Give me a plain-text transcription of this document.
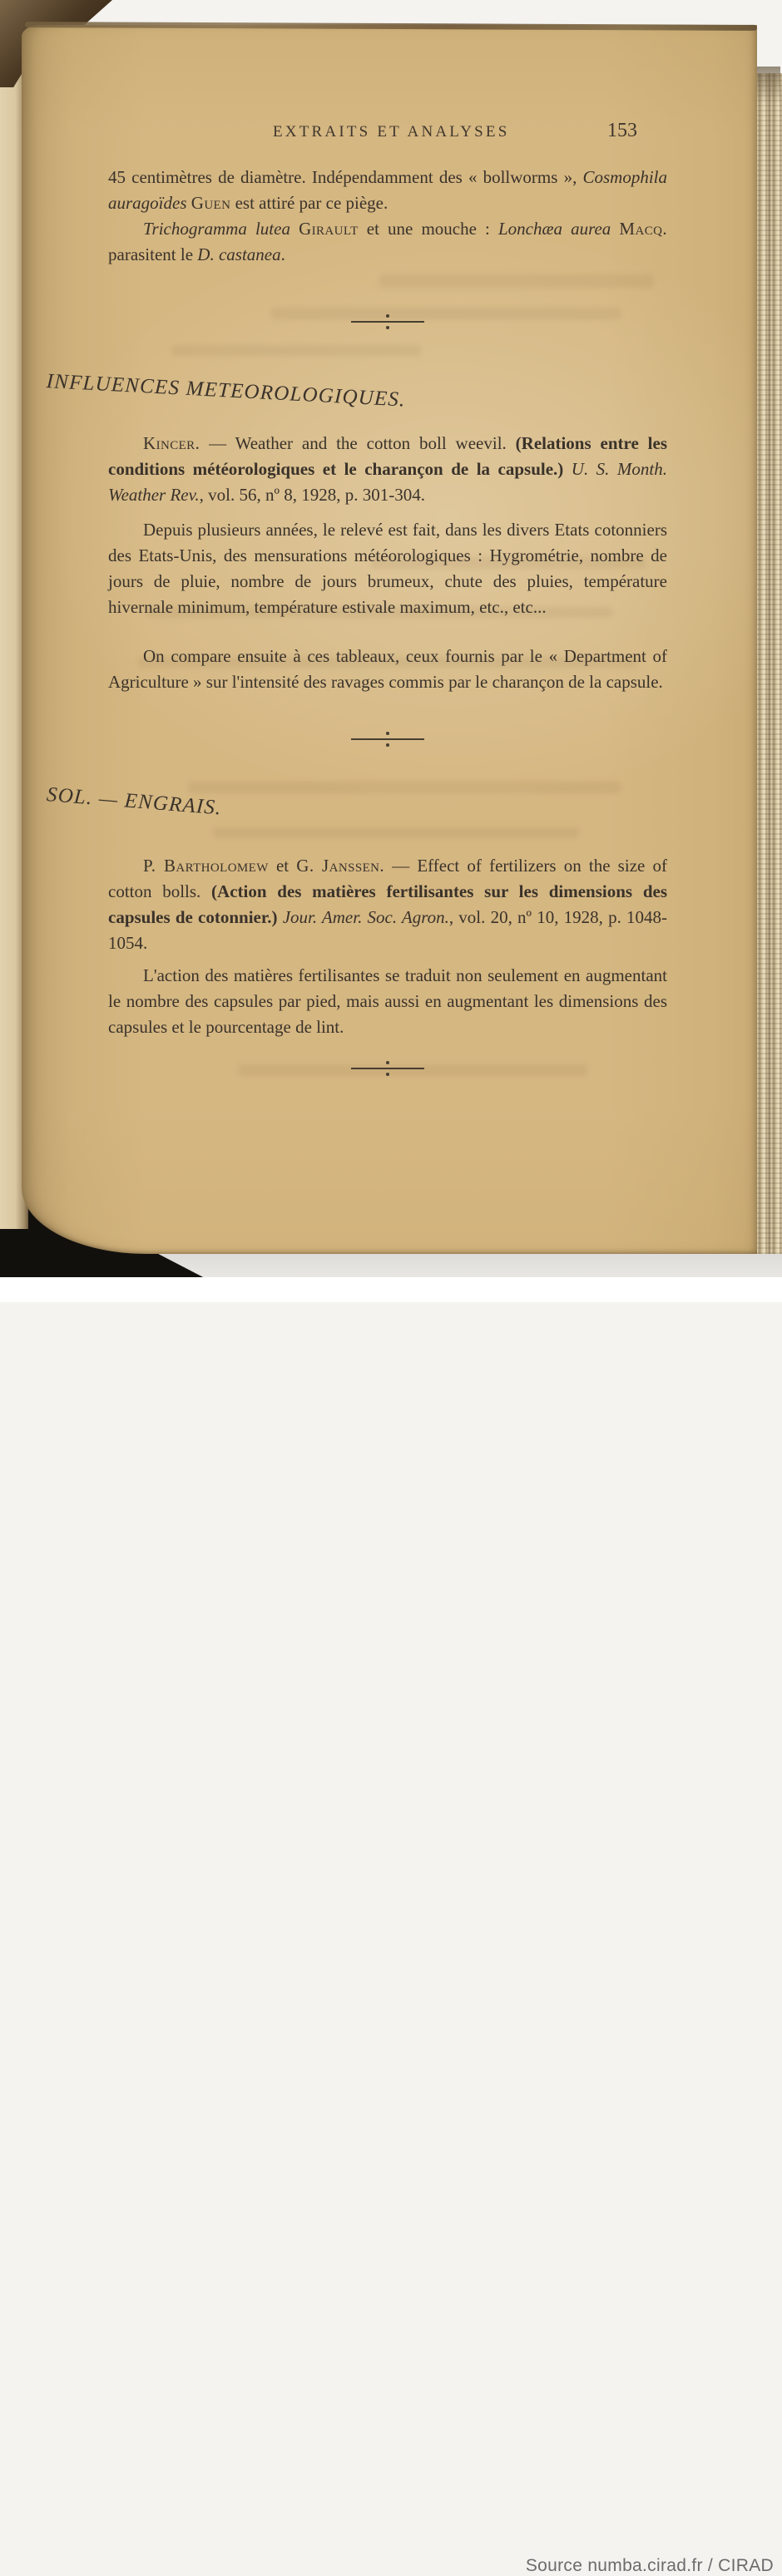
EXTRAITS ET ANALYSES	153

45 centimètres de diamètre. Indépendamment des « bollworms », Cosmophila auragoïdes Guen est attiré par ce piège.

Trichogramma lutea Girault et une mouche : Lonchæa aurea Macq. parasitent le D. castanea.

INFLUENCES METEOROLOGIQUES.

Kincer. — Weather and the cotton boll weevil. (Relations entre les conditions météorologiques et le charançon de la capsule.) U. S. Month. Weather Rev., vol. 56, nº 8, 1928, p. 301-304.

Depuis plusieurs années, le relevé est fait, dans les divers Etats cotonniers des Etats-Unis, des mensurations météorologiques : Hygrométrie, nombre de jours de pluie, nombre de jours brumeux, chute des pluies, température hivernale minimum, température estivale maximum, etc., etc...

On compare ensuite à ces tableaux, ceux fournis par le « Department of Agriculture » sur l'intensité des ravages commis par le charançon de la capsule.

SOL. — ENGRAIS.

P. Bartholomew et G. Janssen. — Effect of fertilizers on the size of cotton bolls. (Action des matières fertilisantes sur les dimensions des capsules de cotonnier.) Jour. Amer. Soc. Agron., vol. 20, nº 10, 1928, p. 1048-1054.

L'action des matières fertilisantes se traduit non seulement en augmentant le nombre des capsules par pied, mais aussi en augmentant les dimensions des capsules et le pourcentage de lint.

Source numba.cirad.fr / CIRAD
